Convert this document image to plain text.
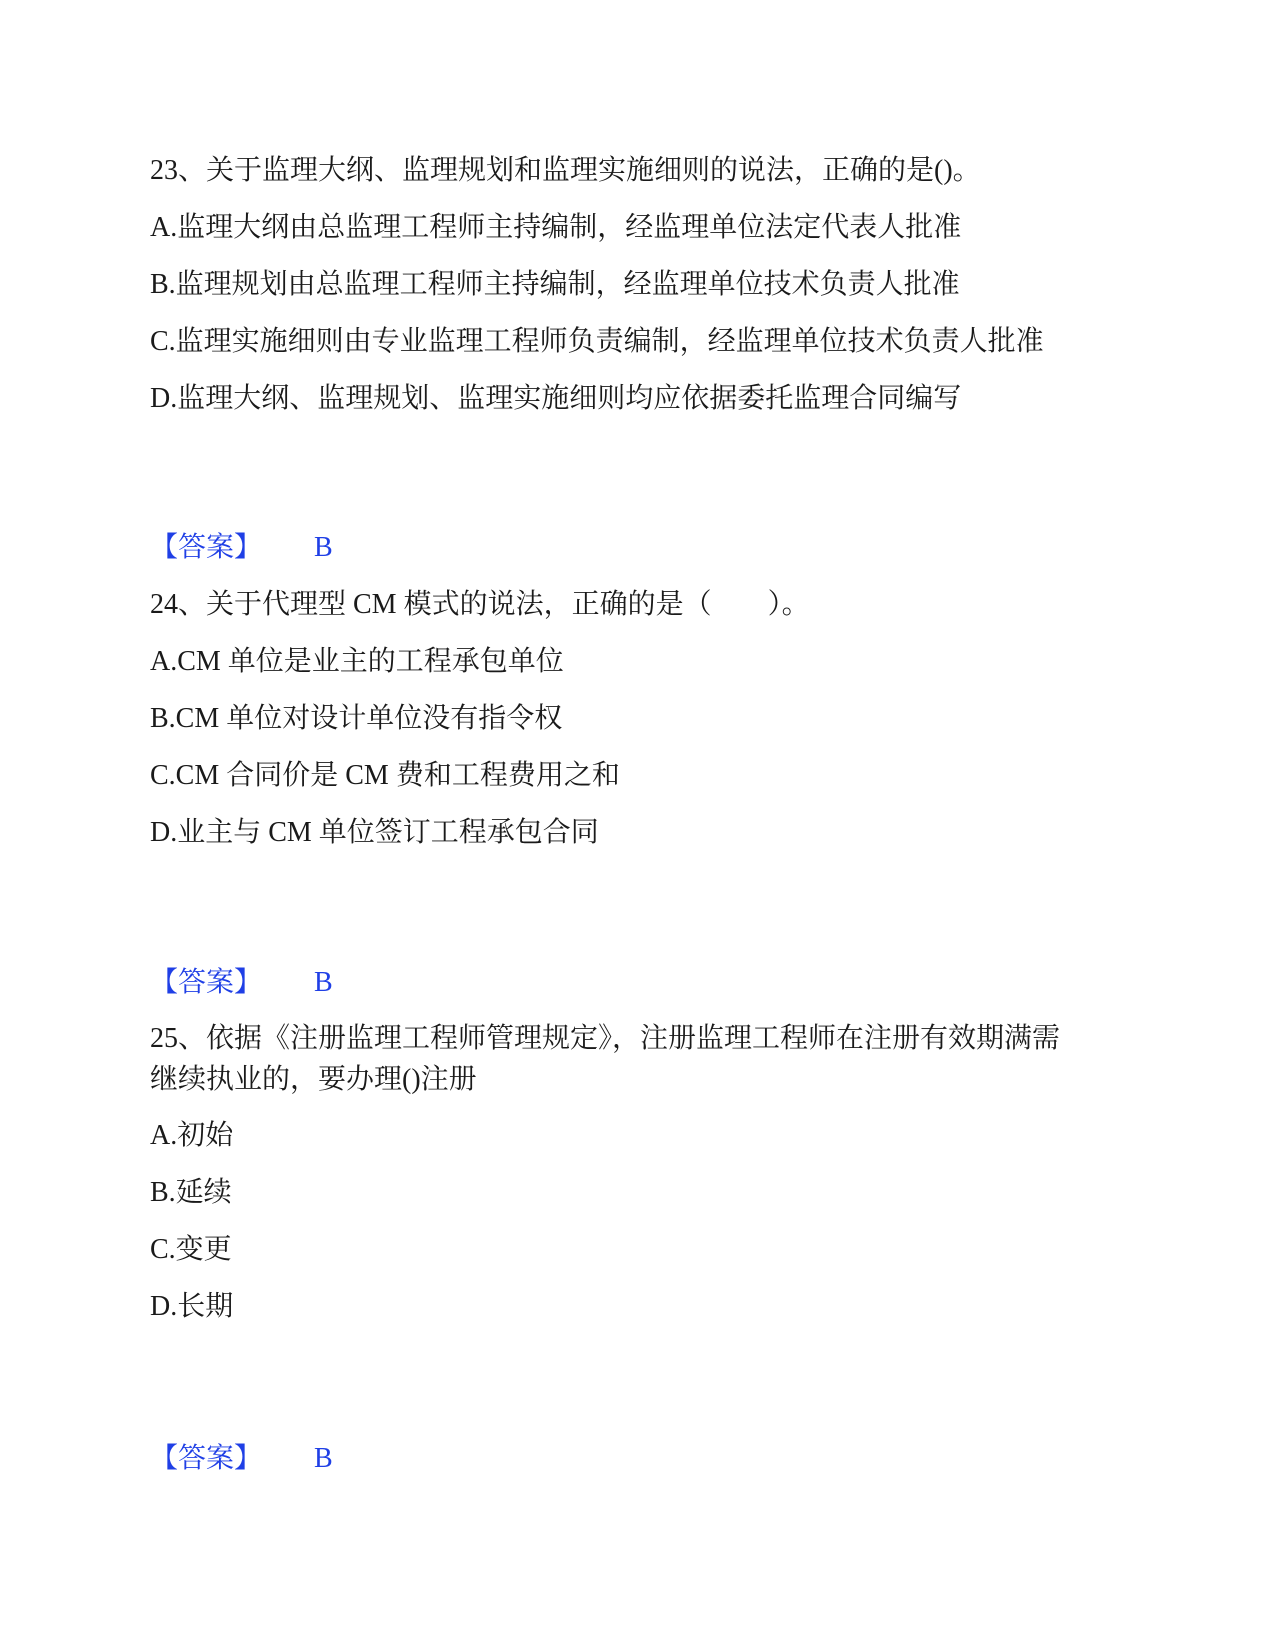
23、关于监理大纲、监理规划和监理实施细则的说法，正确的是()。
A.监理大纲由总监理工程师主持编制，经监理单位法定代表人批准
B.监理规划由总监理工程师主持编制，经监理单位技术负责人批准
C.监理实施细则由专业监理工程师负责编制，经监理单位技术负责人批准
D.监理大纲、监理规划、监理实施细则均应依据委托监理合同编写
【答案】 B
24、关于代理型 CM 模式的说法，正确的是（　　）。
A.CM 单位是业主的工程承包单位
B.CM 单位对设计单位没有指令权
C.CM 合同价是 CM 费和工程费用之和
D.业主与 CM 单位签订工程承包合同
【答案】 B
25、依据《注册监理工程师管理规定》，注册监理工程师在注册有效期满需
继续执业的，要办理()注册
A.初始
B.延续
C.变更
D.长期
【答案】 B
